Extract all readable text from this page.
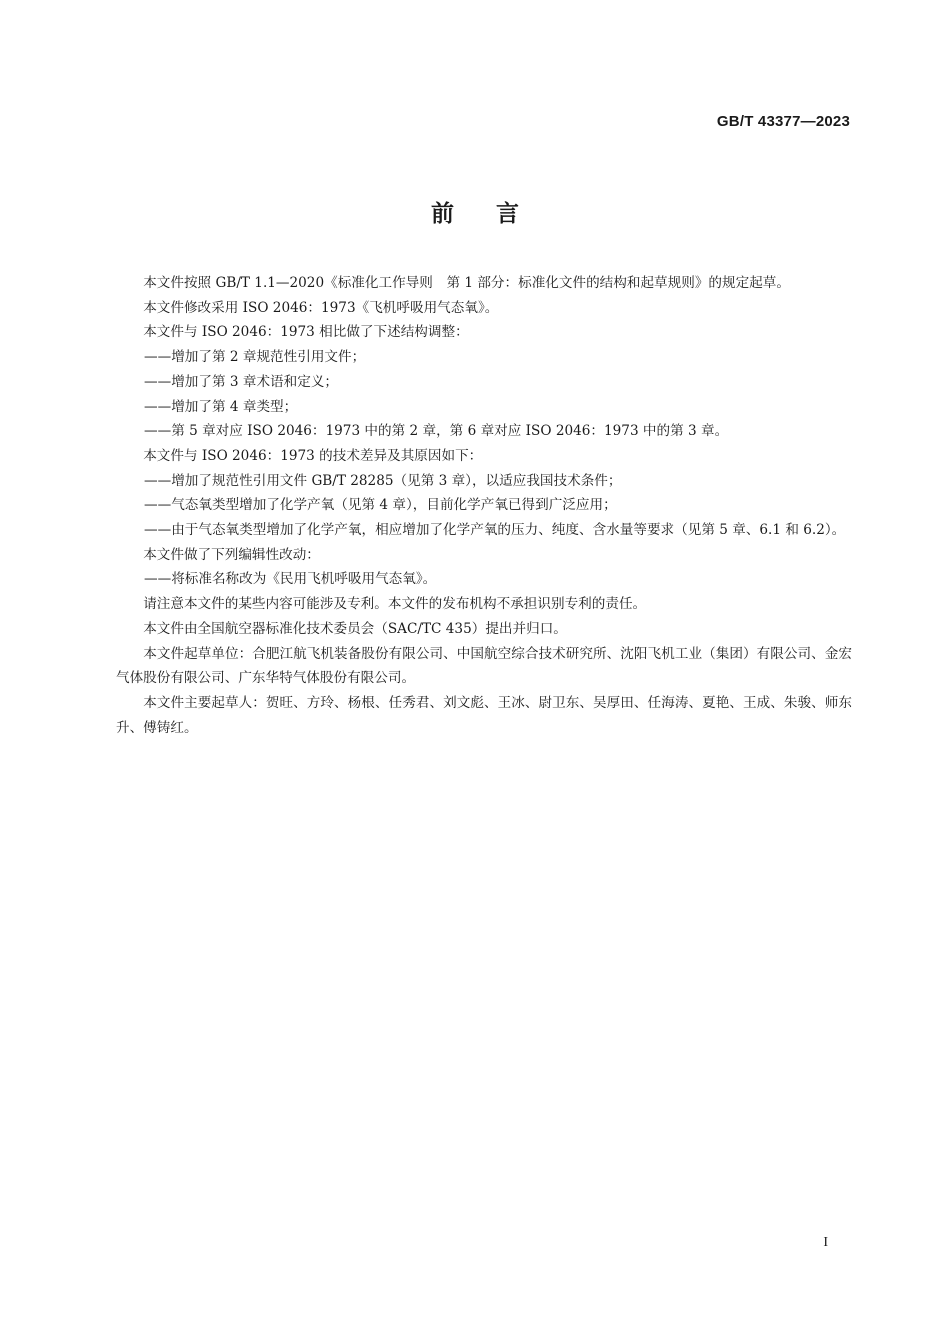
GB/T 43377—2023
前言

本文件按照 GB/T 1.1—2020《标准化工作导则　第 1 部分：标准化文件的结构和起草规则》的规定起草。

本文件修改采用 ISO 2046：1973《飞机呼吸用气态氧》。

本文件与 ISO 2046：1973 相比做了下述结构调整：

——增加了第 2 章规范性引用文件；

——增加了第 3 章术语和定义；

——增加了第 4 章类型；

——第 5 章对应 ISO 2046：1973 中的第 2 章，第 6 章对应 ISO 2046：1973 中的第 3 章。

本文件与 ISO 2046：1973 的技术差异及其原因如下：

——增加了规范性引用文件 GB/T 28285（见第 3 章），以适应我国技术条件；

——气态氧类型增加了化学产氧（见第 4 章），目前化学产氧已得到广泛应用；

——由于气态氧类型增加了化学产氧，相应增加了化学产氧的压力、纯度、含水量等要求（见第 5 章、6.1 和 6.2）。

本文件做了下列编辑性改动：

——将标准名称改为《民用飞机呼吸用气态氧》。

请注意本文件的某些内容可能涉及专利。本文件的发布机构不承担识别专利的责任。

本文件由全国航空器标准化技术委员会（SAC/TC 435）提出并归口。

本文件起草单位：合肥江航飞机装备股份有限公司、中国航空综合技术研究所、沈阳飞机工业（集团）有限公司、金宏气体股份有限公司、广东华特气体股份有限公司。

本文件主要起草人：贺旺、方玲、杨根、任秀君、刘文彪、王冰、尉卫东、吴厚田、任海涛、夏艳、王成、朱骏、师东升、傅铸红。

I
